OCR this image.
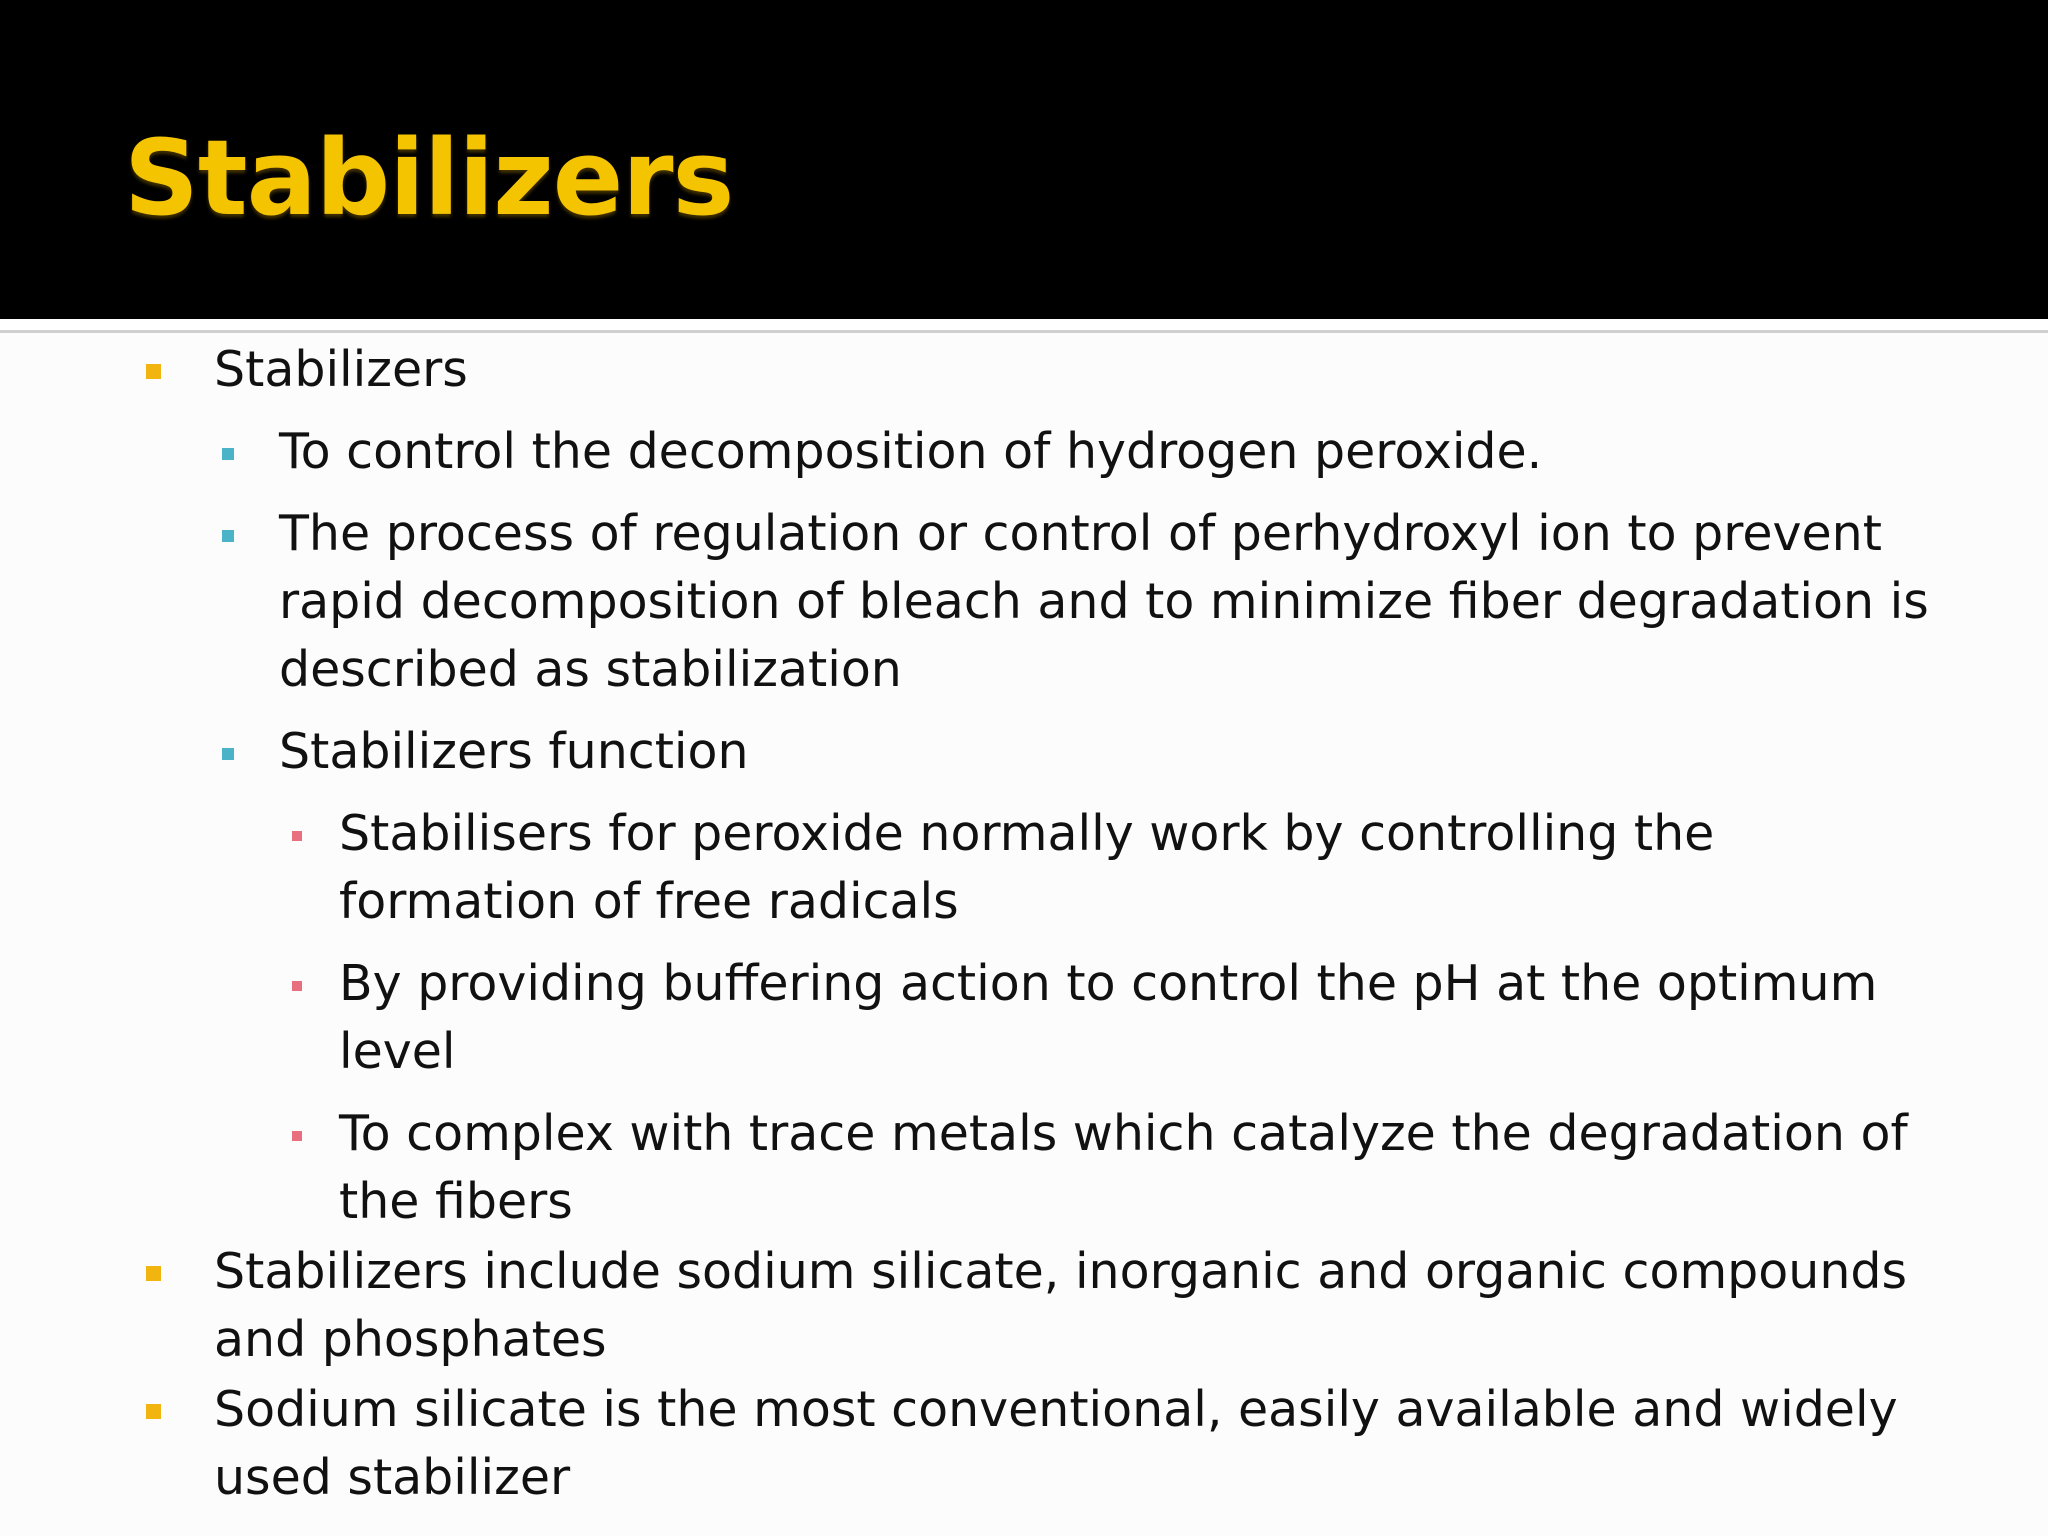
Stabilizers
Stabilizers
To control the decomposition of hydrogen peroxide.
The process of regulation or control of perhydroxyl ion to prevent rapid decomposition of bleach and to minimize fiber degradation is described as stabilization
Stabilizers function
Stabilisers for peroxide normally work by controlling the formation of free radicals
By providing buffering action to control the pH at the optimum level
To complex with trace metals which catalyze the degradation of the fibers
Stabilizers include sodium silicate, inorganic and organic compounds and phosphates
Sodium silicate is the most conventional, easily available and widely used stabilizer
